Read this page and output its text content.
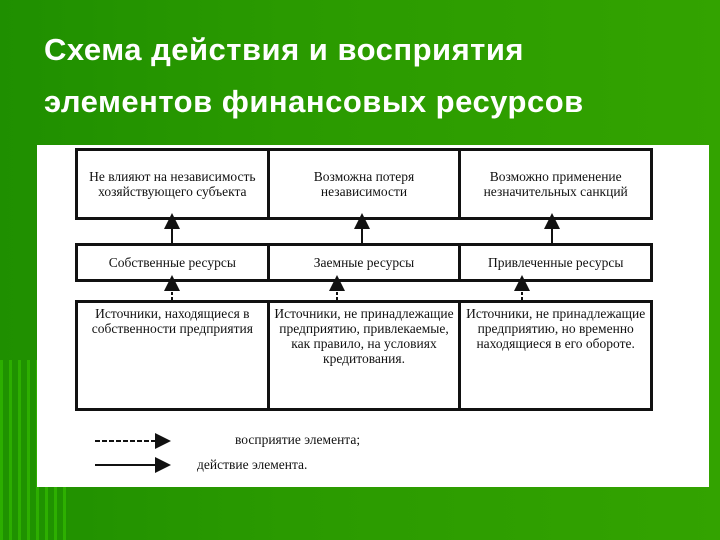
Схема действия и восприятия
элементов финансовых ресурсов
Не влияют на независимость хозяйствующего субъекта
Возможна потеря независимости
Возможно применение незначительных санкций
Собственные ресурсы	Заемные ресурсы	Привлеченные ресурсы
Источники, находящиеся в собственности предприятия
Источники, не принадлежащие предприятию, привлекаемые, как правило, на условиях кредитования.
Источники, не принадлежащие предприятию, но временно находящиеся в его обороте.
восприятие элемента;
действие элемента.
